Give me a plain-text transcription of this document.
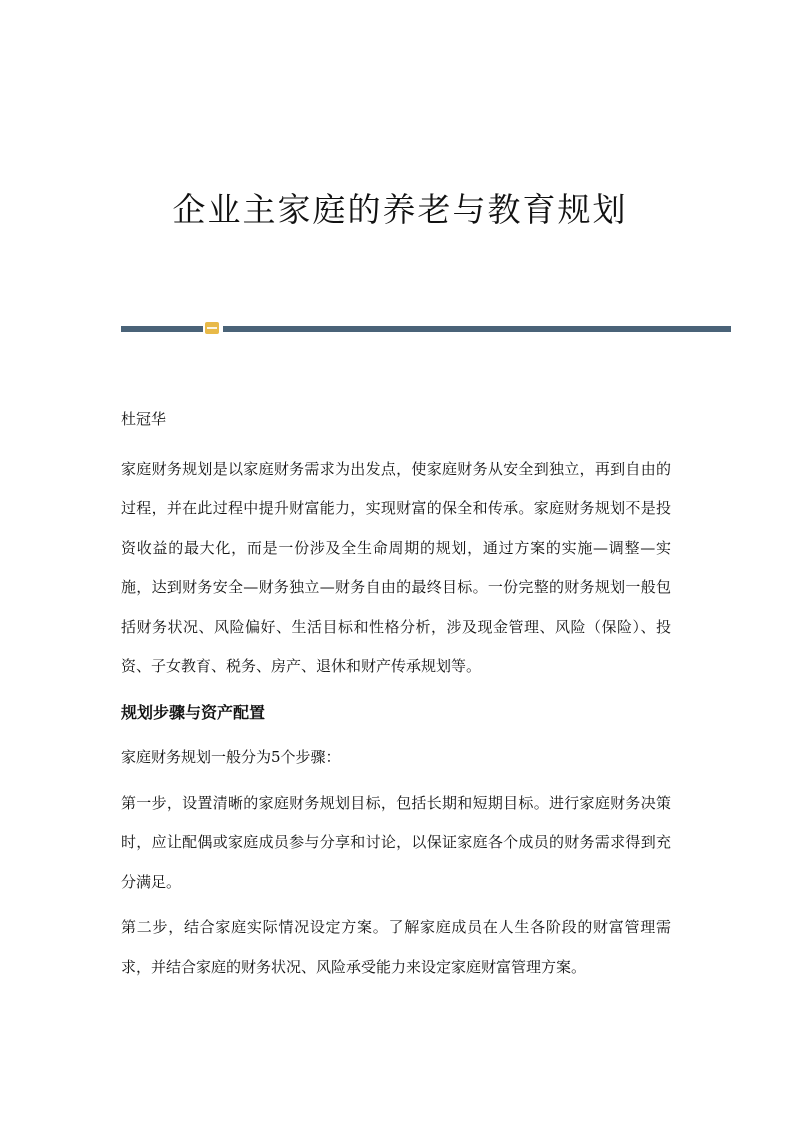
企业主家庭的养老与教育规划

杜冠华

家庭财务规划是以家庭财务需求为出发点，使家庭财务从安全到独立，再到自由的过程，并在此过程中提升财富能力，实现财富的保全和传承。家庭财务规划不是投资收益的最大化，而是一份涉及全生命周期的规划，通过方案的实施—调整—实施，达到财务安全—财务独立—财务自由的最终目标。一份完整的财务规划一般包括财务状况、风险偏好、生活目标和性格分析，涉及现金管理、风险（保险）、投资、子女教育、税务、房产、退休和财产传承规划等。

规划步骤与资产配置

家庭财务规划一般分为5个步骤：

第一步，设置清晰的家庭财务规划目标，包括长期和短期目标。进行家庭财务决策时，应让配偶或家庭成员参与分享和讨论，以保证家庭各个成员的财务需求得到充分满足。

第二步，结合家庭实际情况设定方案。了解家庭成员在人生各阶段的财富管理需求，并结合家庭的财务状况、风险承受能力来设定家庭财富管理方案。
